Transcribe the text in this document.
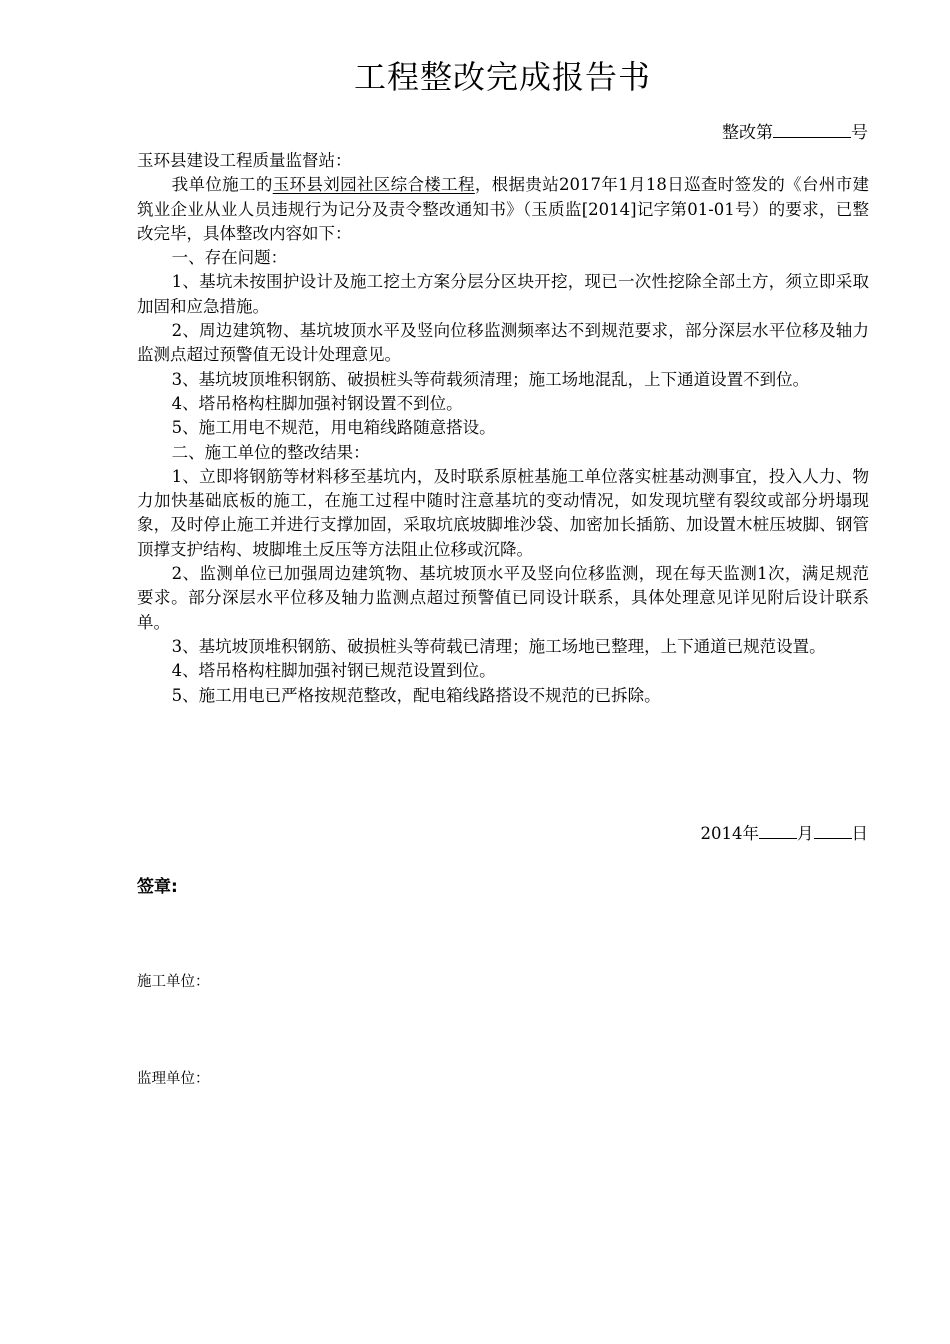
工程整改完成报告书
整改第	号

玉环县建设工程质量监督站：

我单位施工的玉环县刘园社区综合楼工程，根据贵站2017年1月18日巡查时签发的《台州市建筑业企业从业人员违规行为记分及责令整改通知书》（玉质监[2014]记字第01-01号）的要求，已整改完毕，具体整改内容如下：

一、存在问题：

1、基坑未按围护设计及施工挖土方案分层分区块开挖，现已一次性挖除全部土方，须立即采取加固和应急措施。

2、周边建筑物、基坑坡顶水平及竖向位移监测频率达不到规范要求，部分深层水平位移及轴力监测点超过预警值无设计处理意见。

3、基坑坡顶堆积钢筋、破损桩头等荷载须清理；施工场地混乱，上下通道设置不到位。

4、塔吊格构柱脚加强衬钢设置不到位。

5、施工用电不规范，用电箱线路随意搭设。

二、施工单位的整改结果：

1、立即将钢筋等材料移至基坑内，及时联系原桩基施工单位落实桩基动测事宜，投入人力、物力加快基础底板的施工，在施工过程中随时注意基坑的变动情况，如发现坑壁有裂纹或部分坍塌现象，及时停止施工并进行支撑加固，采取坑底坡脚堆沙袋、加密加长插筋、加设置木桩压坡脚、钢管顶撑支护结构、坡脚堆土反压等方法阻止位移或沉降。

2、监测单位已加强周边建筑物、基坑坡顶水平及竖向位移监测，现在每天监测1次，满足规范要求。部分深层水平位移及轴力监测点超过预警值已同设计联系，具体处理意见详见附后设计联系单。

3、基坑坡顶堆积钢筋、破损桩头等荷载已清理；施工场地已整理，上下通道已规范设置。

4、塔吊格构柱脚加强衬钢已规范设置到位。

5、施工用电已严格按规范整改，配电箱线路搭设不规范的已拆除。

2014年 月 日
签章:
施工单位：
监理单位：
